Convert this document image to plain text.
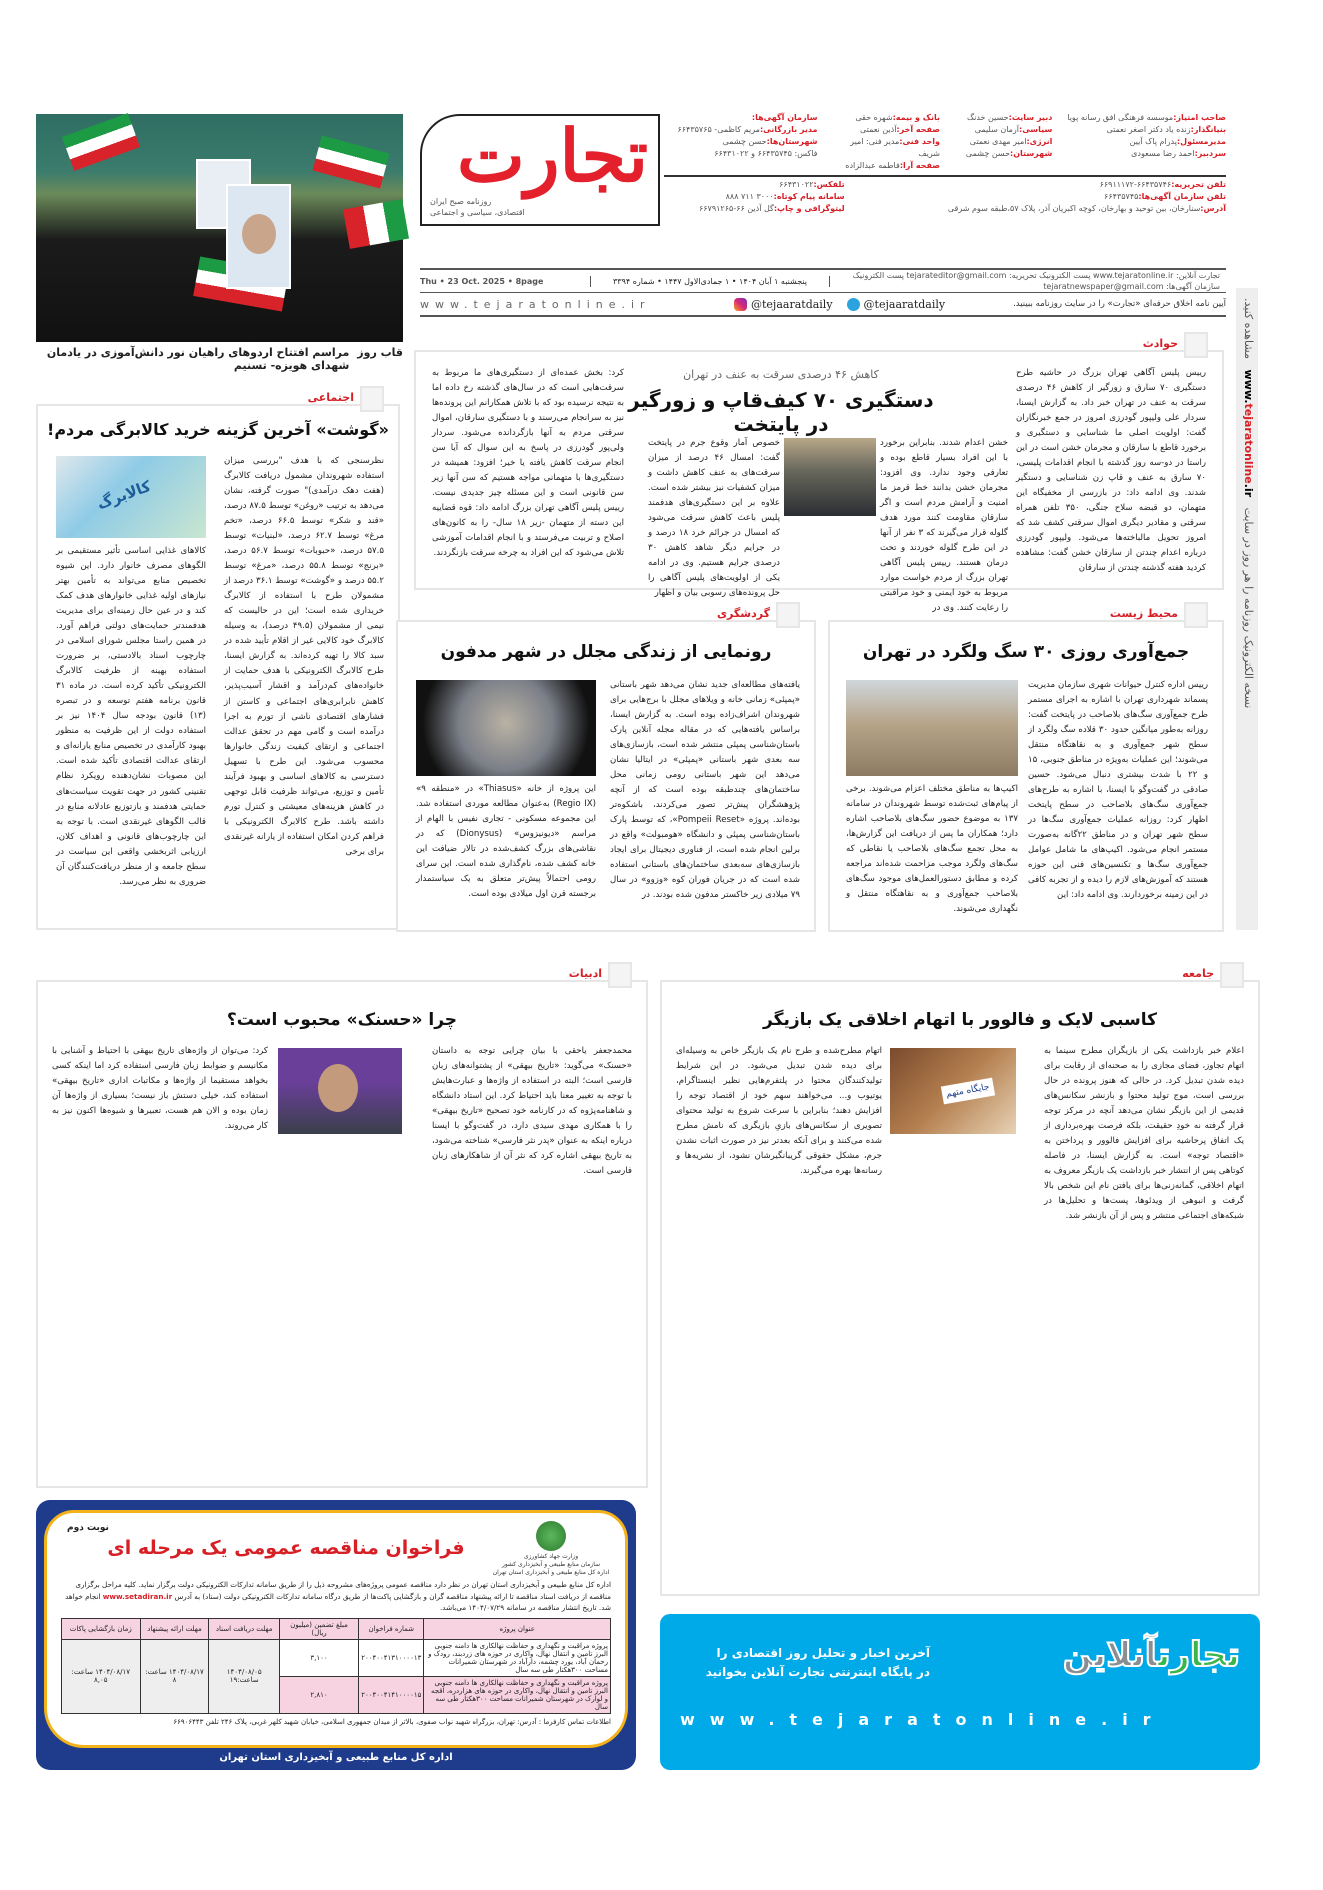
قاب روز
مراسم افتتاح اردوهای راهیان نور دانش‌آموزی در یادمان شهدای هویزه- تسنیم
تجارت
روزنامه صبح ایران
اقتصادی، سیاسی و اجتماعی
صاحب امتیاز:موسسه فرهنگی افق رسانه پویا
بنیانگذار:زنده یاد دکتر اصغر نعمتی
مدیرمسئول:پدرام پاک آیین
سردبیر:احمد رضا مسعودی
دبیر سایت:حسین خدنگ
سیاسی:آرمان سلیمی
انرژی:امیر مهدی نعمتی
شهرستان:حسن چشمی
بانک و بیمه:شهره حقی
صفحه آخر:آذین نعمتی
واحد فنی:مدیر فنی: امیر شریف
صفحه آرا:فاطمه عبدالزاده
سازمان آگهی‌ها:
مدیر بازرگانی:مریم کاظمی- ۶۶۴۳۵۷۶۵
شهرستان‌ها:حسن چشمی
فاکس: ۶۶۴۳۵۷۴۵ و ۶۶۴۳۱۰۲۲
تلفن تحریریه:۶۶۴۳۵۷۴۶-۶۶۹۱۱۱۷۲
تلفن سازمان آگهی‌ها:۶۶۴۳۵۷۴۵
آدرس:سنارخان، بین توحید و بهارخان، کوچه اکبریان آذر، پلاک ۵۷،طبقه سوم شرقی
تلفکس:۶۶۴۳۱۰۲۲
سامانه پیام کوتاه:۳۰۰۰ ۷۱۱ ۸۸۸
لیتوگرافی و چاپ:گل آذین ۶۶-۶۶۷۹۱۲۶۵
Thu • 23 Oct. 2025 • 8page	پنجشنبه ۱ آبان ۱۴۰۴ • ۱ جمادی‌الاول ۱۴۴۷ • شماره ۳۳۹۴
تجارت آنلاین: www.tejaratonline.ir پست الکترونیک تحریریه: tejarateditor@gmail.com پست الکترونیک سازمان آگهی‌ها: tejaratnewspaper@gmail.com
www.tejaratonline.ir	@tejaaratdaily	@tejaaratdaily	آیین نامه اخلاق حرفه‌ای «تجارت» را در سایت روزنامه ببینید.
نسخه الکترونیک روزنامه را هر روز در سایت   www.tejaratonline.ir   مشاهده کنید.
حوادث
کاهش ۴۶ درصدی سرقت به عنف در تهران
دستگیری ۷۰ کیف‌قاپ و زورگیر در پایتخت
رییس پلیس آگاهی تهران بزرگ در حاشیه طرح دستگیری ۷۰ سارق و زورگیر از کاهش ۴۶ درصدی سرقت به عنف در تهران خبر داد. به گزارش ایسنا، سردار علی ولیپور گودرزی امروز در جمع خبرنگاران گفت: اولویت اصلی ما شناسایی و دستگیری و برخورد قاطع با سارقان و مجرمان خشن است در این راستا در دو-سه روز گذشته با انجام اقدامات پلیسی، ۷۰ سارق به عنف و قاپ زن شناسایی و دستگیر شدند. وی ادامه داد: در بازرسی از مخفیگاه این متهمان، دو قبضه سلاح جنگی، ۳۵۰ تلفن همراه سرقتی و مقادیر دیگری اموال سرقتی کشف شد که امروز تحویل مالباخته‌ها می‌شود. ولیپور گودرزی درباره اعدام چندتن از سارقان خشن گفت: مشاهده کردید هفته گذشته چندتن از سارقان
خشن اعدام شدند. بنابراین برخورد با این افراد بسیار قاطع بوده و تعارفی وجود ندارد. وی افزود: مجرمان خشن بدانند خط قرمز ما امنیت و آرامش مردم است و اگر سارقان مقاومت کنند مورد هدف گلوله قرار می‌گیرند که ۳ نفر از آنها در این طرح گلوله خوردند و تحت درمان هستند. رییس پلیس آگاهی تهران بزرگ از مردم خواست موارد مربوط به خود ایمنی و خود مراقبتی را رعایت کنند. وی در
خصوص آمار وقوع جرم در پایتخت گفت: امسال ۴۶ درصد از میزان سرقت‌های به عنف کاهش داشت و میزان کشفیات نیز بیشتر شده است. علاوه بر این دستگیری‌های هدفمند پلیس باعث کاهش سرقت می‌شود که امسال در جرائم خرد ۱۸ درصد و در جرایم دیگر شاهد کاهش ۳۰ درصدی جرایم هستیم. وی در ادامه یکی از اولویت‌های پلیس آگاهی را حل پرونده‌های رسوبی بیان و اظهار
کرد: بخش عمده‌ای از دستگیری‌های ما مربوط به سرقت‌هایی است که در سال‌های گذشته رخ داده اما به نتیجه نرسیده بود که با تلاش همکارانم این پرونده‌ها نیز به سرانجام می‌رسند و با دستگیری سارقان، اموال سرقتی مردم به آنها بازگردانده می‌شود. سردار ولی‌پور گودرزی در پاسخ به این سوال که آیا سن انجام سرقت کاهش یافته یا خیر؛ افزود: همیشه در دستگیری‌ها با متهمانی مواجه هستیم که سن آنها زیر سن قانونی است و این مسئله چیز جدیدی نیست. رییس پلیس آگاهی تهران بزرگ ادامه داد: قوه قضاییه این دسته از متهمان -زیر ۱۸ سال- را به کانون‌های اصلاح و تربیت می‌فرستد و با انجام اقدامات آموزشی تلاش می‌شود که این افراد به چرخه سرقت بازنگردند.
اجتماعی
«گوشت» آخرین گزینه خرید کالابرگی مردم!
نظرسنجی که با هدف "بررسی میزان استفاده شهروندان مشمول دریافت کالابرگ (هفت دهک درآمدی)" صورت گرفته، نشان می‌دهد به ترتیب «روغن» توسط ۸۷.۵ درصد، «قند و شکر» توسط ۶۶.۵ درصد، «تخم مرغ» توسط ۶۲.۷ درصد، «لبنیات» توسط ۵۷.۵ درصد، «حبوبات» توسط ۵۶.۷ درصد، «برنج» توسط ۵۵.۸ درصد، «مرغ» توسط ۵۵.۲ درصد و «گوشت» توسط ۳۶.۱ درصد از مشمولان طرح با استفاده از کالابرگ خریداری شده است؛ این در حالیست که نیمی از مشمولان (۴۹.۵ درصد)، به وسیله کالابرگ خود کالایی غیر از اقلام تأیید شده در سبد کالا را تهیه کرده‌اند. به گزارش ایسنا، طرح کالابرگ الکترونیکی با هدف حمایت از خانواده‌های کم‌درآمد و اقشار آسیب‌پذیر، کاهش نابرابری‌های اجتماعی و کاستن از فشارهای اقتصادی ناشی از تورم به اجرا درآمده است و گامی مهم در تحقق عدالت اجتماعی و ارتقای کیفیت زندگی خانوارها محسوب می‌شود. این طرح با تسهیل دسترسی به کالاهای اساسی و بهبود فرآیند تأمین و توزیع، می‌تواند ظرفیت قابل توجهی در کاهش هزینه‌های معیشتی و کنترل تورم داشته باشد. طرح کالابرگ الکترونیکی با فراهم کردن امکان استفاده از یارانه غیرنقدی برای برخی
کالابرگ
کالاهای غذایی اساسی تأثیر مستقیمی بر الگوهای مصرف خانوار دارد. این شیوه تخصیص منابع می‌تواند به تأمین بهتر نیازهای اولیه غذایی خانوارهای هدف کمک کند و در عین حال زمینه‌ای برای مدیریت هدفمندتر حمایت‌های دولتی فراهم آورد. در همین راستا مجلس شورای اسلامی در چارچوب اسناد بالادستی، بر ضرورت استفاده بهینه از ظرفیت کالابرگ الکترونیکی تأکید کرده است. در ماده ۳۱ قانون برنامه هفتم توسعه و در تبصره (۱۳) قانون بودجه سال ۱۴۰۴ نیز بر استفاده دولت از این ظرفیت به منظور بهبود کارآمدی در تخصیص منابع یارانه‌ای و ارتقای عدالت اقتصادی تأکید شده است. این مصوبات نشان‌دهنده رویکرد نظام تقنینی کشور در جهت تقویت سیاست‌های حمایتی هدفمند و بازتوزیع عادلانه منابع در قالب الگوهای غیرنقدی است. با توجه به این چارچوب‌های قانونی و اهداف کلان، ارزیابی اثربخشی واقعی این سیاست در سطح جامعه و از منظر دریافت‌کنندگان آن ضروری به نظر می‌رسد.
گردشگری
رونمایی از زندگی مجلل در شهر مدفون
یافته‌های مطالعه‌ای جدید نشان می‌دهد شهر باستانی «پمپئی» زمانی خانه و ویلاهای مجلل با برج‌هایی برای شهروندان اشراف‌زاده بوده است. به گزارش ایسنا، براساس یافته‌هایی که در مقاله مجله آنلاین پارک باستان‌شناسی پمپئی منتشر شده است، بازسازی‌های سه بعدی شهر باستانی «پمپئی» در ایتالیا نشان می‌دهد این شهر باستانی رومی زمانی محل ساختمان‌های چندطبقه بوده است که از آنچه پژوهشگران پیش‌تر تصور می‌کردند، باشکوه‌تر بوده‌اند. پروژه «Pompeii Reset»، که توسط پارک باستان‌شناسی پمپئی و دانشگاه «هومبولت» واقع در برلین انجام شده است، از فناوری دیجیتال برای ایجاد بازسازی‌های سه‌بعدی ساختمان‌های باستانی استفاده شده است که در جریان فوران کوه «وزوو» در سال ۷۹ میلادی زیر خاکستر مدفون شده بودند. در
این پروژه از خانه «Thiasus» در «منطقه ۹» (Regio IX) به‌عنوان مطالعه موردی استفاده شد. این مجموعه مسکونی - تجاری نفیس با الهام از مراسم «دیونیزوس» (Dionysus) که در نقاشی‌های بزرگ کشف‌شده در تالار ضیافت این خانه کشف شده، نام‌گذاری شده است. این سرای رومی احتمالاً پیش‌تر متعلق به یک سیاستمدار برجسته قرن اول میلادی بوده است.
محیط زیست
جمع‌آوری روزی ۳۰ سگ ولگرد در تهران
رییس اداره کنترل حیوانات شهری سازمان مدیریت پسماند شهرداری تهران با اشاره به اجرای مستمر طرح جمع‌آوری سگ‌های بلاصاحب در پایتخت گفت: روزانه به‌طور میانگین حدود ۳۰ قلاده سگ ولگرد از سطح شهر جمع‌آوری و به نقاهتگاه منتقل می‌شوند؛ این عملیات به‌ویژه در مناطق جنوبی، ۱۵ و ۲۲ با شدت بیشتری دنبال می‌شود. حسین صادقی در گفت‌وگو با ایسنا، با اشاره به طرح‌های جمع‌آوری سگ‌های بلاصاحب در سطح پایتخت اظهار کرد: روزانه عملیات جمع‌آوری سگ‌ها در سطح شهر تهران و در مناطق ۲۲گانه به‌صورت مستمر انجام می‌شود. اکیپ‌های ما شامل عوامل جمع‌آوری سگ‌ها و تکنسین‌های فنی این حوزه هستند که آموزش‌های لازم را دیده و از تجربه کافی در این زمینه برخوردارند. وی ادامه داد: این
اکیپ‌ها به مناطق مختلف اعزام می‌شوند. برخی از پیام‌های ثبت‌شده توسط شهروندان در سامانه ۱۳۷ به موضوع حضور سگ‌های بلاصاحب اشاره دارد؛ همکاران ما پس از دریافت این گزارش‌ها، به محل تجمع سگ‌های بلاصاحب یا نقاطی که سگ‌های ولگرد موجب مزاحمت شده‌اند مراجعه کرده و مطابق دستورالعمل‌های موجود سگ‌های بلاصاحب جمع‌آوری و به نقاهتگاه منتقل و نگهداری می‌شوند.
ادبیات
چرا «حسنک» محبوب است؟
محمدجعفر یاحقی با بیان چرایی توجه به داستان «حسنک» می‌گوید: «تاریخ بیهقی» از پشتوانه‌های زبان فارسی است؛ البته در استفاده از واژه‌ها و عبارت‌هایش با توجه به تغییر معنا باید احتیاط کرد. این استاد دانشگاه و شاهنامه‌پژوه که در کارنامه خود تصحیح «تاریخ بیهقی» را با همکاری مهدی سیدی دارد، در گفت‌وگو با ایسنا درباره اینکه به عنوان «پدر نثر فارسی» شناخته می‌شود، به تاریخ بیهقی اشاره کرد که نثر آن از شاهکارهای زبان فارسی است.
کرد: می‌توان از واژه‌های تاریخ بیهقی با احتیاط و آشنایی با مکانیسم و ضوابط زبان فارسی استفاده کرد اما اینکه کسی بخواهد مستقیما از واژه‌ها و مکاتبات اداری «تاریخ بیهقی» استفاده کند، خیلی دستش باز نیست؛ بسیاری از واژه‌ها آن زمان بوده و الان هم هست، تعبیرها و شیوه‌ها اکنون نیز به کار می‌روند.
جامعه
کاسبی لایک و فالوور با اتهام اخلاقی یک بازیگر
اعلام خبر بازداشت یکی از بازیگران مطرح سینما به اتهام تجاوز، فضای مجازی را به صحنه‌ای از رقابت برای دیده شدن تبدیل کرد. در حالی که هنوز پرونده در حال بررسی است، موج تولید محتوا و بازنشر سکانس‌های قدیمی از این بازیگر نشان می‌دهد آنچه در مرکز توجه قرار گرفته نه خودِ حقیقت، بلکه فرصت بهره‌برداری از یک اتفاق پرحاشیه برای افزایش فالوور و پرداختن به «اقتصاد توجه» است. به گزارش ایسنا، در فاصله کوتاهی پس از انتشار خبر بازداشت یک بازیگر معروف به اتهام اخلاقی، گمانه‌زنی‌ها برای یافتن نام این شخص بالا گرفت و انبوهی از ویدئوها، پست‌ها و تحلیل‌ها در شبکه‌های اجتماعی منتشر و پس از آن بازنشر شد.
جایگاه متهم
اتهام مطرح‌شده و طرح نام یک بازیگر خاص به وسیله‌ای برای دیده شدن تبدیل می‌شود. در این شرایط تولیدکنندگان محتوا در پلتفرم‌هایی نظیر اینستاگرام، یوتیوب و... می‌خواهند سهم خود از اقتصاد توجه را افزایش دهند؛ بنابراین با سرعت شروع به تولید محتوای تصویری از سکانس‌های بازیِ بازیگری که نامش مطرح شده می‌کنند و برای آنکه بعدتر نیز در صورت اثبات نشدن جرم، مشکل حقوقی گریبانگیرشان نشود، از نشریه‌ها و رسانه‌ها بهره می‌گیرند.
وزارت جهاد کشاورزی
سازمان منابع طبیعی و آبخیزداری کشور
اداره کل منابع طبیعی و آبخیزداری استان تهران
نوبت دوم
فراخوان مناقصه عمومی یک مرحله ای
اداره کل منابع طبیعی و آبخیزداری استان تهران در نظر دارد مناقصه عمومی پروژه‌های مشروحه ذیل را از طریق سامانه تدارکات الکترونیکی دولت برگزار نماید. کلیه مراحل برگزاری مناقصه از دریافت اسناد مناقصه تا ارائه پیشنهاد مناقصه گران و بازگشایی پاکت‌ها از طریق درگاه سامانه تدارکات الکترونیکی دولت (ستاد) به آدرس www.setadiran.ir انجام خواهد شد. تاریخ انتشار مناقصه در سامانه ۱۴۰۴/۰۷/۲۹ می‌باشد.
عنوان پروژه	شماره فراخوان	مبلغ تضمین (میلیون ریال)	مهلت دریافت اسناد	مهلت ارائه پیشنهاد	زمان بازگشایی پاکات
پروژه مراقبت و نگهداری و حفاظت نهالکاری ها دامنه جنوبی البرز تامین و انتقال نهال، واکاری در حوزه های زردبند، رودک و رحمان آباد، یورد چشمه، دارآباد در شهرستان شمیرانات مساحت ۳۰۰هکتار طی سه سال	۲۰۰۴۰۰۴۱۳۱۰۰۰۰۱۳	۳,۱۰۰	۱۴۰۴/۰۸/۰۵ ساعت:۱۹	۱۴۰۴/۰۸/۱۷ ساعت: ۸	۱۴۰۴/۰۸/۱۷ ساعت: ۸,۰۵
پروژه مراقبت و نگهداری و حفاظت نهالکاری ها دامنه جنوبی البرز تامین و انتقال نهال، واکاری در حوزه های هزاردره، اقجه و لوارک در شهرستان شمیرانات مساحت ۳۰۰هکتار طی سه سال	۲۰۰۴۰۰۴۱۴۱۰۰۰۰۱۵	۲,۸۱۰			
اطلاعات تماس کارفرما : آدرس: تهران، بزرگراه شهید نواب صفوی، بالاتر از میدان جمهوری اسلامی، خیابان شهید کلهر غربی، پلاک ۲۴۶ تلفن ۶۶۹۰۶۴۴۳
اداره کل منابع طبیعی و آبخیزداری استان تهران
تجارتآنلاین
آخرین اخبار و تحلیل روز اقتصادی را
در پایگاه اینترنتی تجارت آنلاین بخوانید
www.tejaratonline.ir
